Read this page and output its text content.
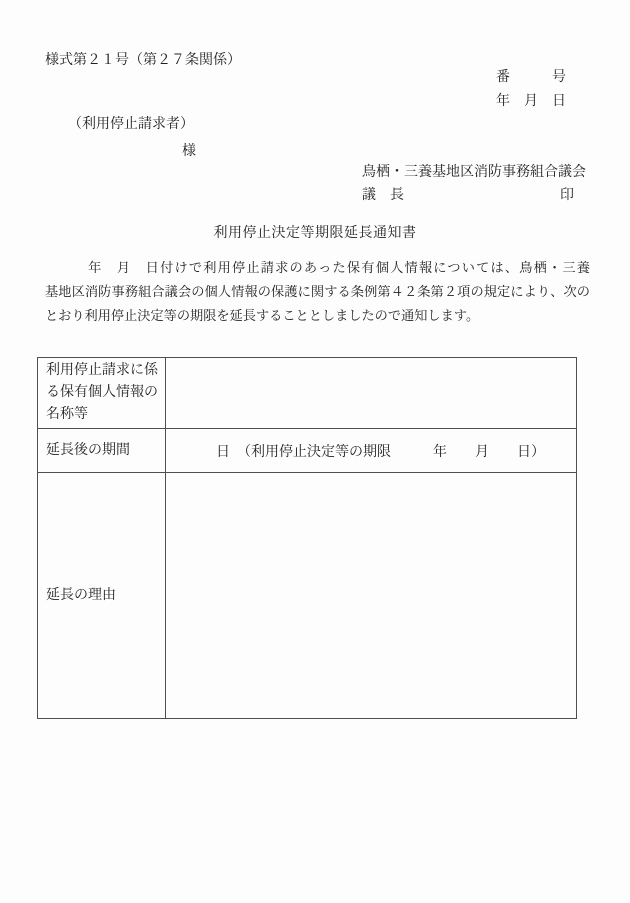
様式第２１号（第２７条関係）
番　　　号
年　月　日
（利用停止請求者）
様
鳥栖・三養基地区消防事務組合議会
議　長	印
利用停止決定等期限延長通知書
　　　年　月　日付けで利用停止請求のあった保有個人情報については、鳥栖・三養
基地区消防事務組合議会の個人情報の保護に関する条例第４２条第２項の規定により、次の
とおり利用停止決定等の期限を延長することとしましたので通知します。
利用停止請求に係る保有個人情報の名称等	
延長後の期間	　　　日　（利用停止決定等の期限　　　年　　月　　日）
延長の理由	
